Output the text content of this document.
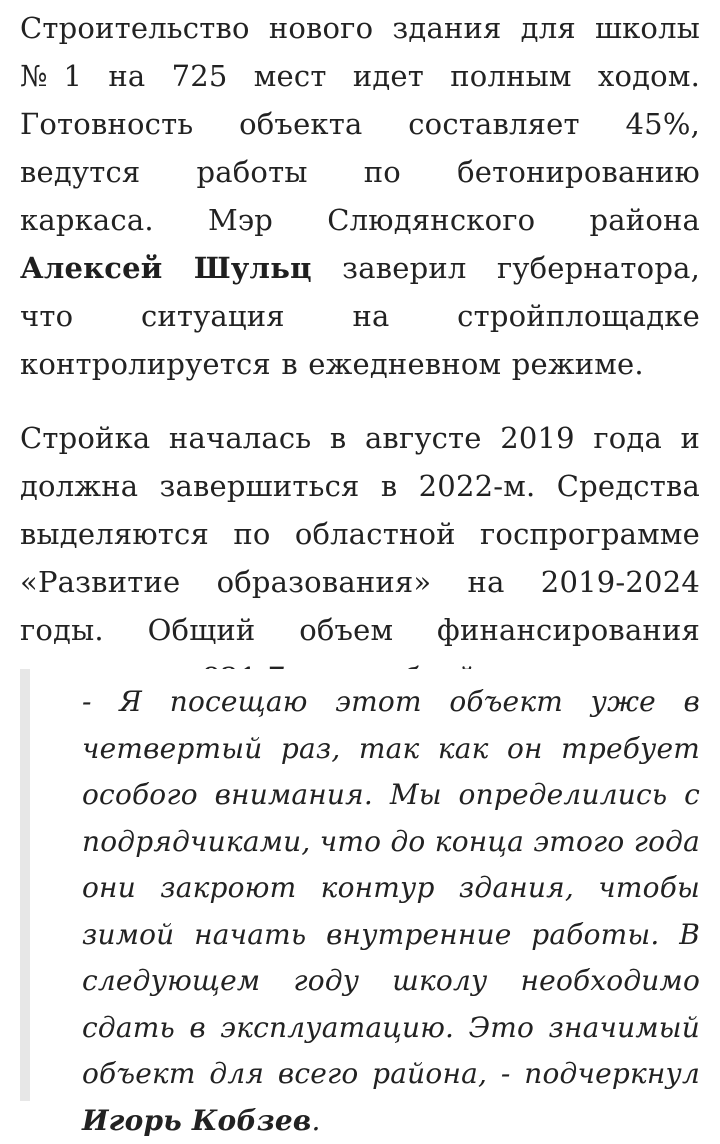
Строительство нового здания для школы №1 на 725 мест идет полным ходом. Готовность объекта составляет 45%, ведутся работы по бетонированию каркаса. Мэр Слюдянского района Алексей Шульц заверил губернатора, что ситуация на стройплощадке контролируется в ежедневном режиме.

Стройка началась в августе 2019 года и должна завершиться в 2022-м. Средства выделяются по областной госпрограмме «Развитие образования» на 2019-2024 годы. Общий объем финансирования

- Я посещаю этот объект уже в четвертый раз, так как он требует особого внимания. Мы определились с подрядчиками, что до конца этого года они закроют контур здания, чтобы зимой начать внутренние работы. В следующем году школу необходимо сдать в эксплуатацию. Это значимый объект для всего района, - подчеркнул Игорь Кобзев.
